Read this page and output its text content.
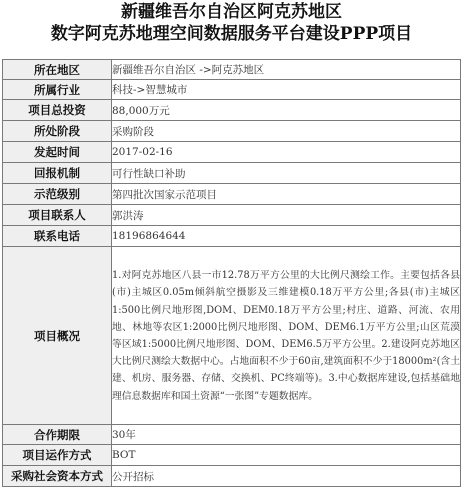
新疆维吾尔自治区阿克苏地区
数字阿克苏地理空间数据服务平台建设PPP项目
所在地区	新疆维吾尔自治区 ->阿克苏地区
所属行业	科技->智慧城市
项目总投资	88,000万元
所处阶段	采购阶段
发起时间	2017-02-16
回报机制	可行性缺口补助
示范级别	第四批次国家示范项目
项目联系人	郭洪涛
联系电话	18196864644
项目概况	1.对阿克苏地区八县一市12.78万平方公里的大比例尺测绘工作。主要包括各县(市)主城区0.05m倾斜航空摄影及三维建模0.18万平方公里;各县(市)主城区1:500比例尺地形图,DOM、DEM0.18万平方公里;村庄、道路、河流、农用地、林地等农区1:2000比例尺地形图、DOM、DEM6.1万平方公里;山区荒漠等区域1:5000比例尺地形图、DOM、DEM6.5万平方公里。2.建设阿克苏地区大比例尺测绘大数据中心。占地面积不少于60亩,建筑面积不少于18000m²(含土建、机房、服务器、存储、交换机、PC终端等)。3.中心数据库建设,包括基础地理信息数据库和国土资源“一张图”专题数据库。
合作期限	30年
项目运作方式	BOT
采购社会资本方式	公开招标
